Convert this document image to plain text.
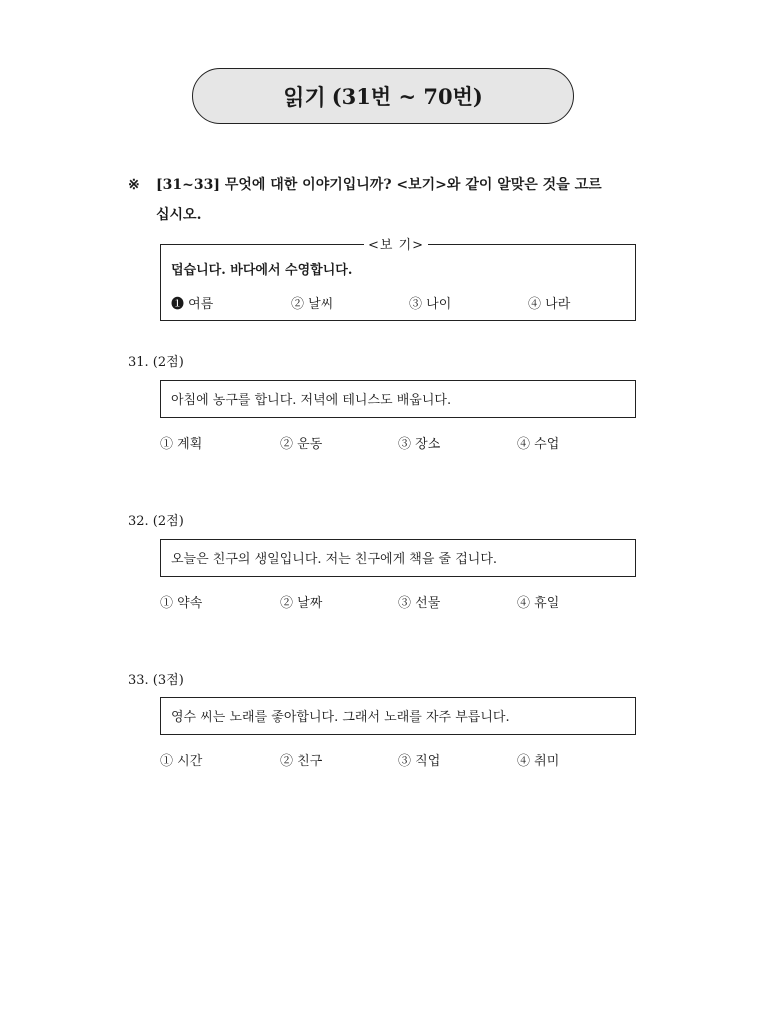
읽기 (31번 ~ 70번)
※ [31~33] 무엇에 대한 이야기입니까? <보기>와 같이 알맞은 것을 고르
십시오.
덥습니다. 바다에서 수영합니다.
❶ 여름	② 날씨	③ 나이	④ 나라
<보 기>
31. (2점)
아침에 농구를 합니다. 저녁에 테니스도 배웁니다.
① 계획	② 운동	③ 장소	④ 수업
32. (2점)
오늘은 친구의 생일입니다. 저는 친구에게 책을 줄 겁니다.
① 약속	② 날짜	③ 선물	④ 휴일
33. (3점)
영수 씨는 노래를 좋아합니다. 그래서 노래를 자주 부릅니다.
① 시간	② 친구	③ 직업	④ 취미
